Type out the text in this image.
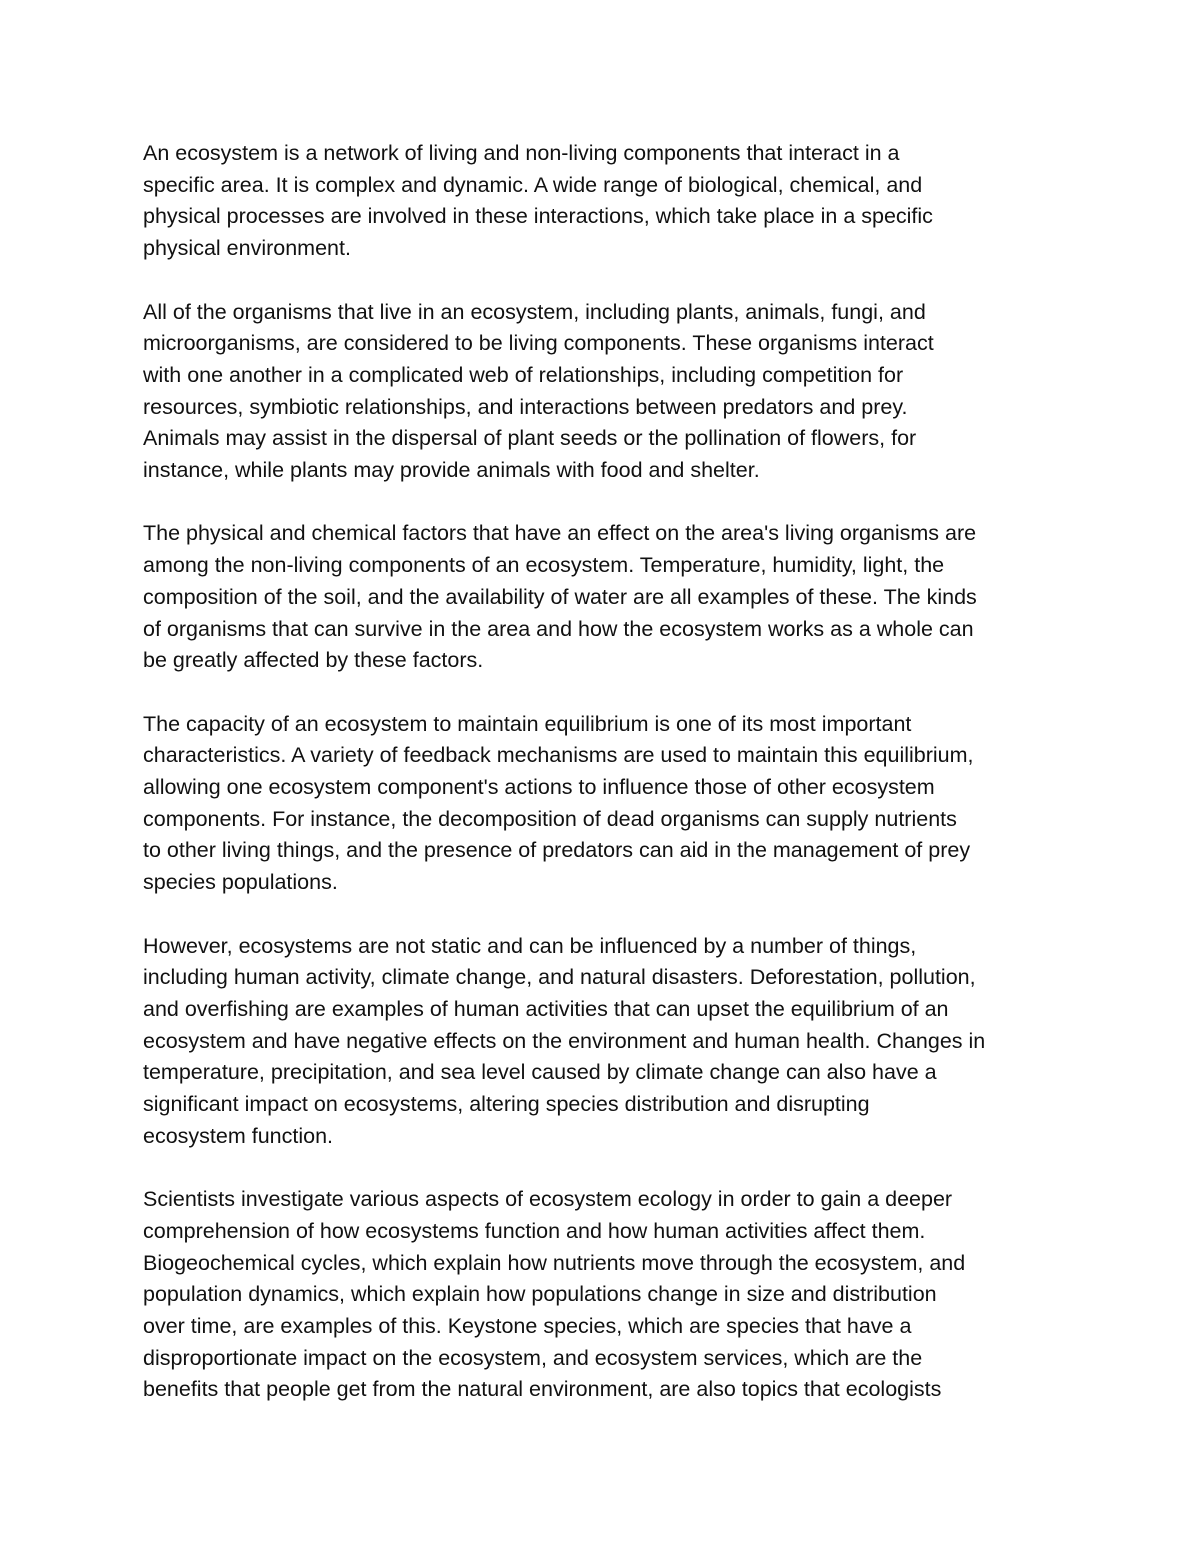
An ecosystem is a network of living and non-living components that interact in a
specific area. It is complex and dynamic. A wide range of biological, chemical, and
physical processes are involved in these interactions, which take place in a specific
physical environment.

All of the organisms that live in an ecosystem, including plants, animals, fungi, and
microorganisms, are considered to be living components. These organisms interact
with one another in a complicated web of relationships, including competition for
resources, symbiotic relationships, and interactions between predators and prey.
Animals may assist in the dispersal of plant seeds or the pollination of flowers, for
instance, while plants may provide animals with food and shelter.

The physical and chemical factors that have an effect on the area's living organisms are
among the non-living components of an ecosystem. Temperature, humidity, light, the
composition of the soil, and the availability of water are all examples of these. The kinds
of organisms that can survive in the area and how the ecosystem works as a whole can
be greatly affected by these factors.

The capacity of an ecosystem to maintain equilibrium is one of its most important
characteristics. A variety of feedback mechanisms are used to maintain this equilibrium,
allowing one ecosystem component's actions to influence those of other ecosystem
components. For instance, the decomposition of dead organisms can supply nutrients
to other living things, and the presence of predators can aid in the management of prey
species populations.

However, ecosystems are not static and can be influenced by a number of things,
including human activity, climate change, and natural disasters. Deforestation, pollution,
and overfishing are examples of human activities that can upset the equilibrium of an
ecosystem and have negative effects on the environment and human health. Changes in
temperature, precipitation, and sea level caused by climate change can also have a
significant impact on ecosystems, altering species distribution and disrupting
ecosystem function.

Scientists investigate various aspects of ecosystem ecology in order to gain a deeper
comprehension of how ecosystems function and how human activities affect them.
Biogeochemical cycles, which explain how nutrients move through the ecosystem, and
population dynamics, which explain how populations change in size and distribution
over time, are examples of this. Keystone species, which are species that have a
disproportionate impact on the ecosystem, and ecosystem services, which are the
benefits that people get from the natural environment, are also topics that ecologists
